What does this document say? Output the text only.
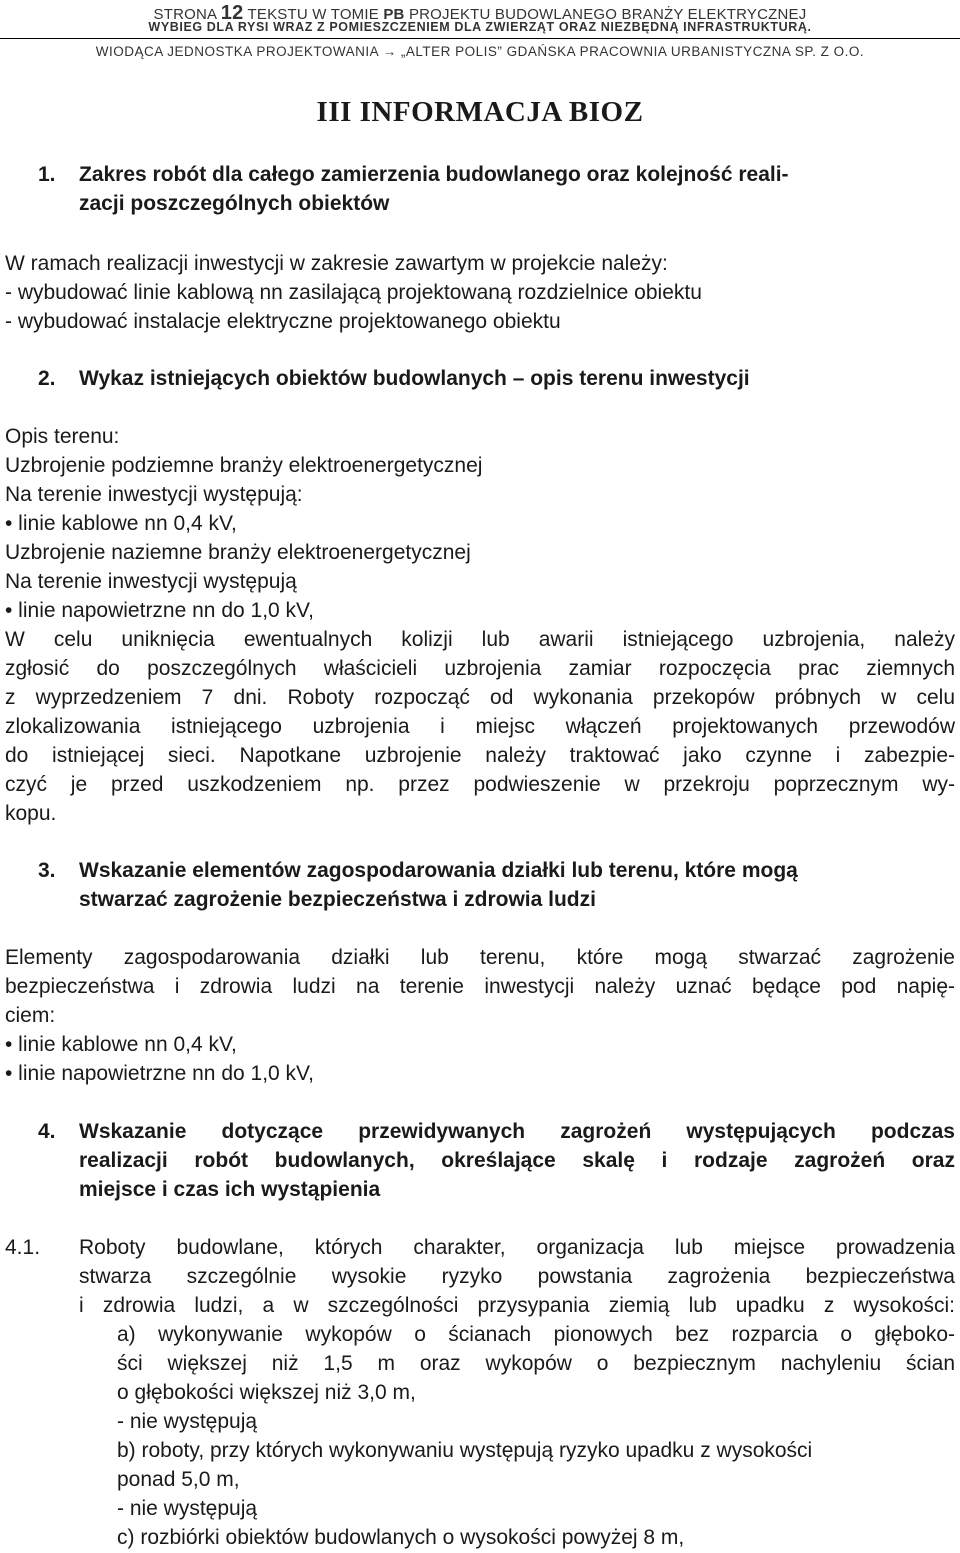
STRONA 12 TEKSTU W TOMIE PB PROJEKTU BUDOWLANEGO BRANŻY ELEKTRYCZNEJ
WYBIEG DLA RYSI WRAZ Z POMIESZCZENIEM DLA ZWIERZĄT ORAZ NIEZBĘDNĄ INFRASTRUKTURĄ.
WIODĄCA JEDNOSTKA PROJEKTOWANIA → „ALTER POLIS” GDAŃSKA PRACOWNIA URBANISTYCZNA SP. Z O.O.
III INFORMACJA BIOZ
1. Zakres robót dla całego zamierzenia budowlanego oraz kolejność reali-
zacji poszczególnych obiektów
W ramach realizacji inwestycji w zakresie zawartym w projekcie należy:
- wybudować linie kablową nn zasilającą projektowaną rozdzielnice obiektu
- wybudować instalacje elektryczne projektowanego obiektu
2. Wykaz istniejących obiektów budowlanych – opis terenu inwestycji
Opis terenu:
Uzbrojenie podziemne branży elektroenergetycznej
Na terenie inwestycji występują:
• linie kablowe nn 0,4 kV,
Uzbrojenie naziemne branży elektroenergetycznej
Na terenie inwestycji występują
• linie napowietrzne nn do 1,0 kV,
W celu uniknięcia ewentualnych kolizji lub awarii istniejącego uzbrojenia, należy
zgłosić do poszczególnych właścicieli uzbrojenia zamiar rozpoczęcia prac ziemnych
z wyprzedzeniem 7 dni. Roboty rozpocząć od wykonania przekopów próbnych w celu
zlokalizowania istniejącego uzbrojenia i miejsc włączeń projektowanych przewodów
do istniejącej sieci. Napotkane uzbrojenie należy traktować jako czynne i zabezpie-
czyć je przed uszkodzeniem np. przez podwieszenie w przekroju poprzecznym wy-
kopu.
3. Wskazanie elementów zagospodarowania działki lub terenu, które mogą
stwarzać zagrożenie bezpieczeństwa i zdrowia ludzi
Elementy zagospodarowania działki lub terenu, które mogą stwarzać zagrożenie
bezpieczeństwa i zdrowia ludzi na terenie inwestycji należy uznać będące pod napię-
ciem:
• linie kablowe nn 0,4 kV,
• linie napowietrzne nn do 1,0 kV,
4. Wskazanie dotyczące przewidywanych zagrożeń występujących podczas
realizacji robót budowlanych, określające skalę i rodzaje zagrożeń oraz
miejsce i czas ich wystąpienia
4.1. Roboty budowlane, których charakter, organizacja lub miejsce prowadzenia
stwarza szczególnie wysokie ryzyko powstania zagrożenia bezpieczeństwa
i zdrowia ludzi, a w szczególności przysypania ziemią lub upadku z wysokości:
a) wykonywanie wykopów o ścianach pionowych bez rozparcia o głęboko-
ści większej niż 1,5 m oraz wykopów o bezpiecznym nachyleniu ścian
o głębokości większej niż 3,0 m,
- nie występują
b) roboty, przy których wykonywaniu występują ryzyko upadku z wysokości
ponad 5,0 m,
- nie występują
c) rozbiórki obiektów budowlanych o wysokości powyżej 8 m,
